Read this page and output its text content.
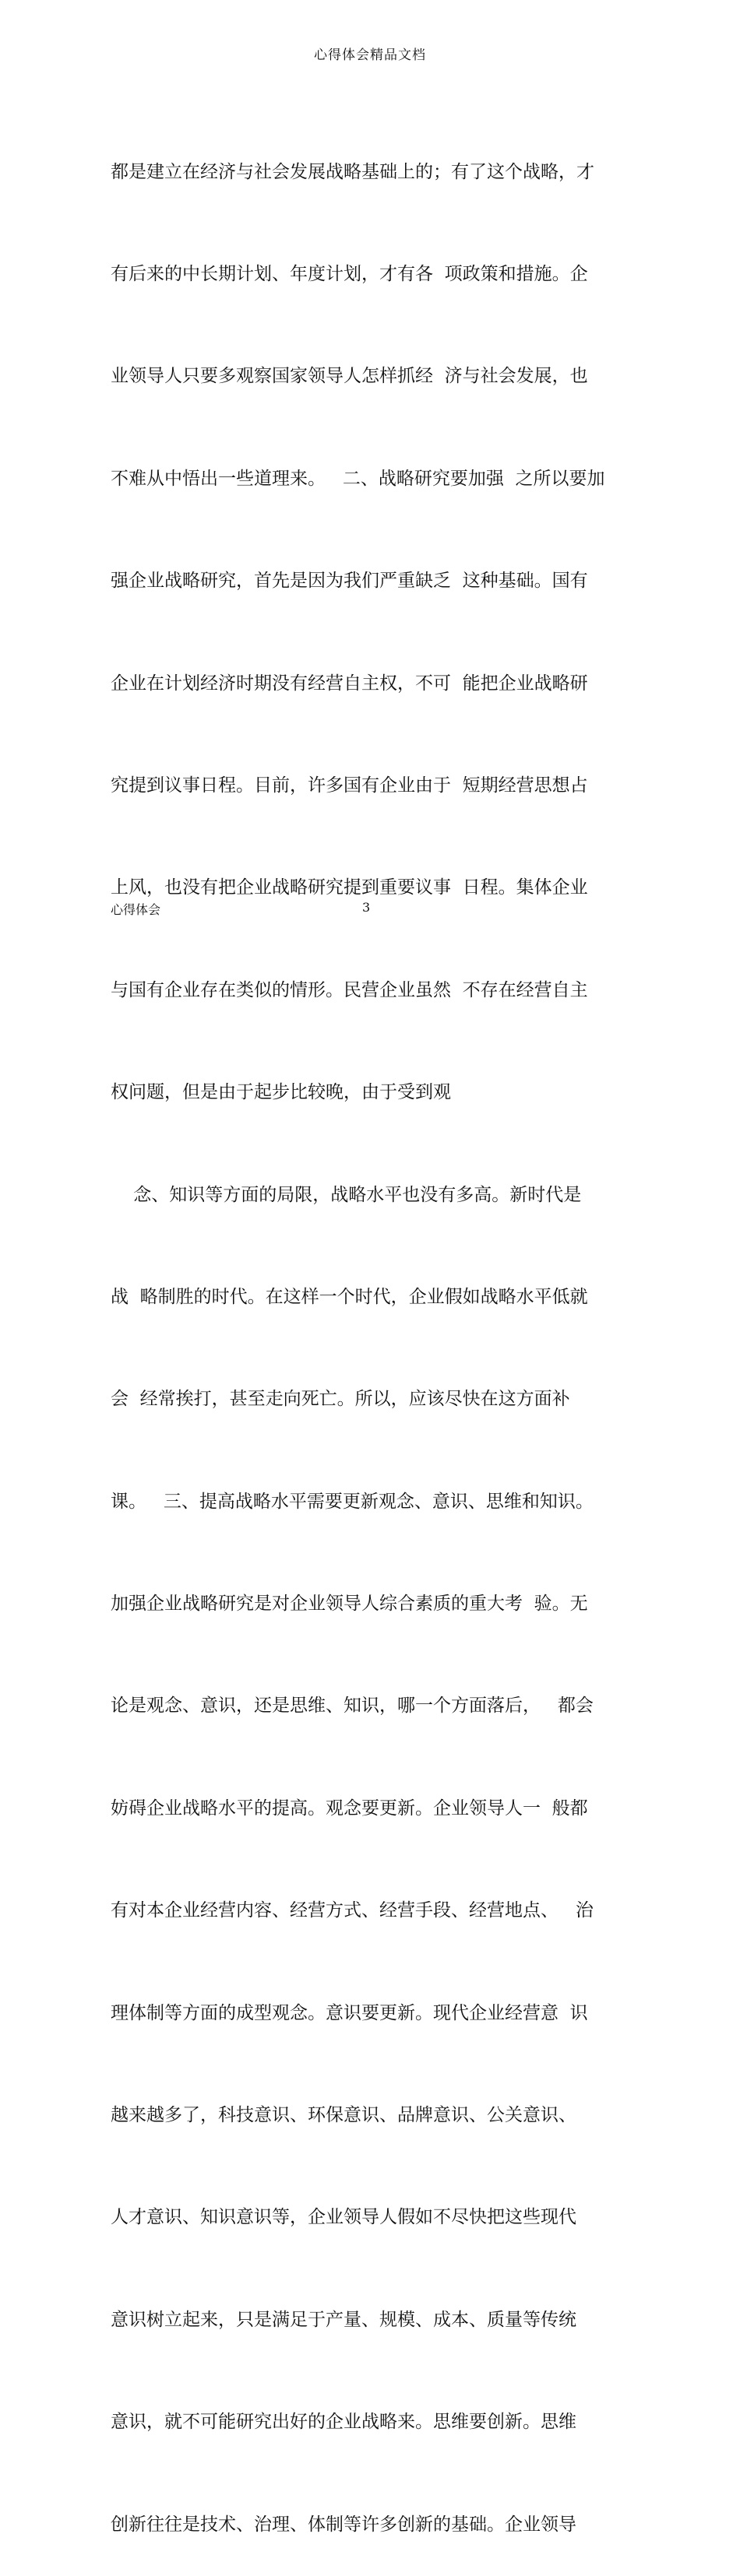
心得体会精品文档

都是建立在经济与社会发展战略基础上的；有了这个战略，才

有后来的中长期计划、年度计划，才有各  项政策和措施。企

业领导人只要多观察国家领导人怎样抓经  济与社会发展，也

不难从中悟出一些道理来。   二、战略研究要加强  之所以要加

强企业战略研究，首先是因为我们严重缺乏  这种基础。国有

企业在计划经济时期没有经营自主权，不可  能把企业战略研

究提到议事日程。目前，许多国有企业由于  短期经营思想占

上风，也没有把企业战略研究提到重要议事  日程。集体企业

与国有企业存在类似的情形。民营企业虽然  不存在经营自主

权问题，但是由于起步比较晚，由于受到观

念、知识等方面的局限，战略水平也没有多高。新时代是

战  略制胜的时代。在这样一个时代，企业假如战略水平低就

会  经常挨打，甚至走向死亡。所以，应该尽快在这方面补

课。   三、提高战略水平需要更新观念、意识、思维和知识。

加强企业战略研究是对企业领导人综合素质的重大考  验。无

论是观念、意识，还是思维、知识，哪一个方面落后，   都会

妨碍企业战略水平的提高。观念要更新。企业领导人一  般都

有对本企业经营内容、经营方式、经营手段、经营地点、   治

理体制等方面的成型观念。意识要更新。现代企业经营意  识

越来越多了，科技意识、环保意识、品牌意识、公关意识、

人才意识、知识意识等，企业领导人假如不尽快把这些现代

意识树立起来，只是满足于产量、规模、成本、质量等传统

意识，就不可能研究出好的企业战略来。思维要创新。思维

创新往往是技术、治理、体制等许多创新的基础。企业领导

心得体会	3
